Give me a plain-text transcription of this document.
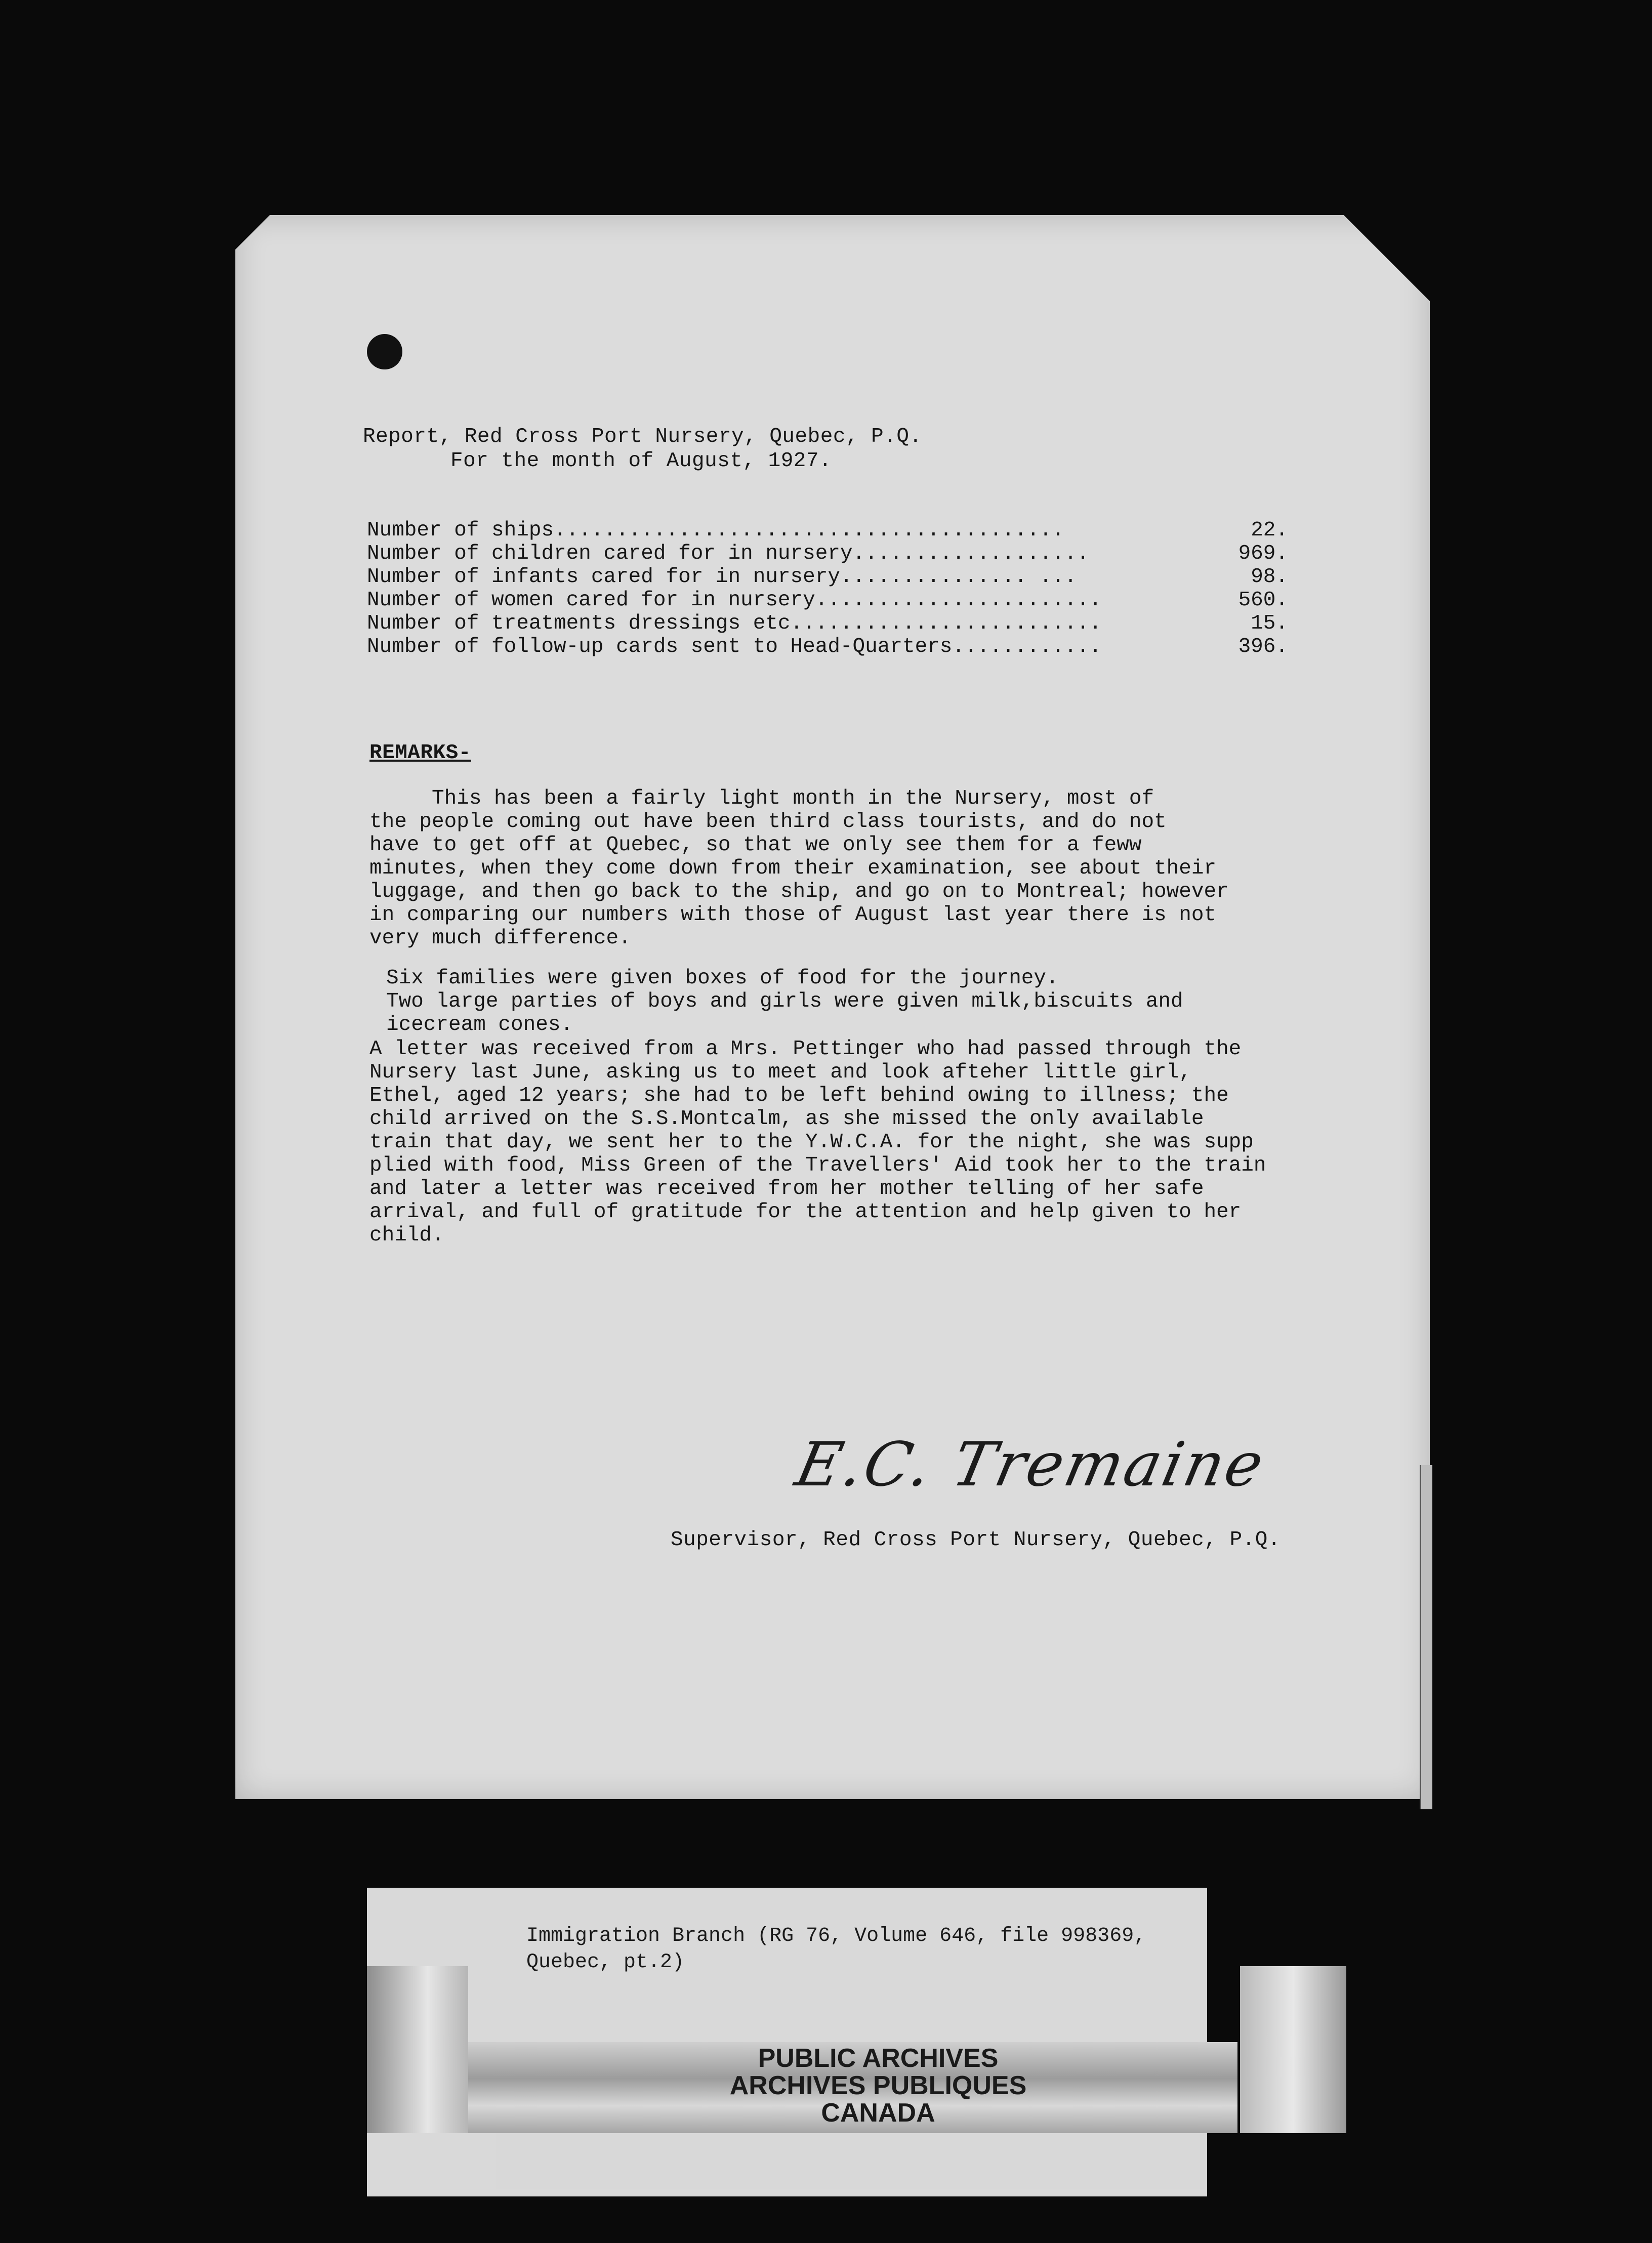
Report, Red Cross Port Nursery, Quebec, P.Q.
For the month of August, 1927.
Number of ships.........................................	22.
Number of children cared for in nursery...................	969.
Number of infants cared for in nursery............... ...	98.
Number of women cared for in nursery.......................	560.
Number of treatments dressings etc.........................	15.
Number of follow-up cards sent to Head-Quarters............	396.
REMARKS-
This has been a fairly light month in the Nursery, most of
the people coming out have been third class tourists, and do not
have to get off at Quebec, so that we only see them for a feww
minutes, when they come down from their examination, see about their
luggage, and then go back to the ship, and go on to Montreal; however
in comparing our numbers with those of August last year there is not
very much difference.
Six families were given boxes of food for the journey.
Two large parties of boys and girls were given milk,biscuits and
icecream cones.
A letter was received from a Mrs. Pettinger who had passed through the
Nursery last June, asking us to meet and look afteher little girl,
Ethel, aged 12 years; she had to be left behind owing to illness; the
child arrived on the S.S.Montcalm, as she missed the only available
train that day, we sent her to the Y.W.C.A. for the night, she was supp
plied with food, Miss Green of the Travellers' Aid took her to the train
and later a letter was received from her mother telling of her safe
arrival, and full of gratitude for the attention and help given to her
child.
E.C. Tremaine
Supervisor, Red Cross Port Nursery, Quebec, P.Q.
Immigration Branch (RG 76, Volume 646, file 998369,
Quebec, pt.2)
PUBLIC ARCHIVES
ARCHIVES PUBLIQUES
CANADA
